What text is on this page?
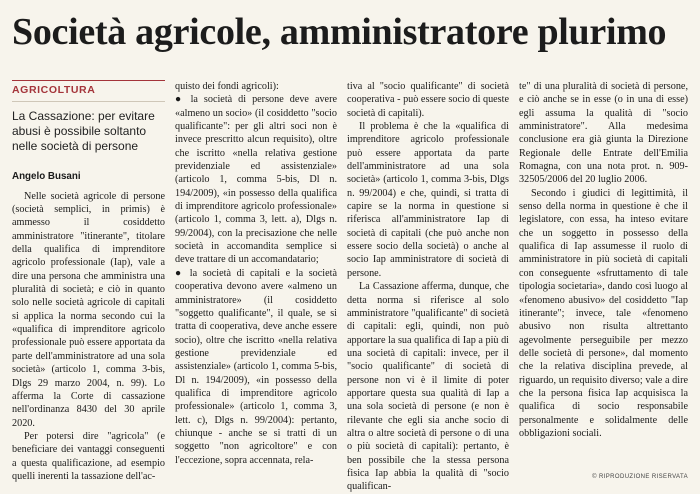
Società agricole, amministratore plurimo
AGRICOLTURA

La Cassazione: per evitare abusi è possibile soltanto nelle società di persone

Angelo Busani

Nelle società agricole di persone (società semplici, in primis) è ammesso il cosiddetto amministratore "itinerante", titolare della qualifica di imprenditore agricolo professionale (Iap), vale a dire una persona che amministra una pluralità di società; e ciò in quanto solo nelle società agricole di capitali si applica la norma secondo cui la «qualifica di imprenditore agricolo professionale può essere apportata da parte dell'amministratore ad una sola società» (articolo 1, comma 3-bis, Dlgs 29 marzo 2004, n. 99). Lo afferma la Corte di cassazione nell'ordinanza 8430 del 30 aprile 2020.

Per potersi dire "agricola" (e beneficiare dei vantaggi conseguenti a questa qualificazione, ad esempio quelli inerenti la tassazione dell'ac-

quisto dei fondi agricoli):

● la società di persone deve avere «almeno un socio» (il cosiddetto "socio qualificante": per gli altri soci non è invece prescritto alcun requisito), oltre che iscritto «nella relativa gestione previdenziale ed assistenziale» (articolo 1, comma 5-bis, Dl n. 194/2009), «in possesso della qualifica di imprenditore agricolo professionale» (articolo 1, comma 3, lett. a), Dlgs n. 99/2004), con la precisazione che nelle società in accomandita semplice si deve trattare di un accomandatario;

● la società di capitali e la società cooperativa devono avere «almeno un amministratore» (il cosiddetto "soggetto qualificante", il quale, se si tratta di cooperativa, deve anche essere socio), oltre che iscritto «nella relativa gestione previdenziale ed assistenziale» (articolo 1, comma 5-bis, Dl n. 194/2009), «in possesso della qualifica di imprenditore agricolo professionale» (articolo 1, comma 3, lett. c), Dlgs n. 99/2004): pertanto, chiunque - anche se si tratti di un soggetto "non agricoltore" e con l'eccezione, sopra accennata, rela-

tiva al "socio qualificante" di società cooperativa - può essere socio di queste società di capitali).

Il problema è che la «qualifica di imprenditore agricolo professionale può essere apportata da parte dell'amministratore ad una sola società» (articolo 1, comma 3-bis, Dlgs n. 99/2004) e che, quindi, si tratta di capire se la norma in questione si riferisca all'amministratore Iap di società di capitali (che può anche non essere socio della società) o anche al socio Iap amministratore di società di persone.

La Cassazione afferma, dunque, che detta norma si riferisce al solo amministratore "qualificante" di società di capitali: egli, quindi, non può apportare la sua qualifica di Iap a più di una società di capitali: invece, per il "socio qualificante" di società di persone non vi è il limite di poter apportare questa sua qualità di Iap a una sola società di persone (e non è rilevante che egli sia anche socio di altra o altre società di persone o di una o più società di capitali): pertanto, è ben possibile che la stessa persona fisica Iap abbia la qualità di "socio qualifican-

te" di una pluralità di società di persone, e ciò anche se in esse (o in una di esse) egli assuma la qualità di "socio amministratore". Alla medesima conclusione era già giunta la Direzione Regionale delle Entrate dell'Emilia Romagna, con una nota prot. n. 909-32505/2006 del 20 luglio 2006.

Secondo i giudici di legittimità, il senso della norma in questione è che il legislatore, con essa, ha inteso evitare che un soggetto in possesso della qualifica di Iap assumesse il ruolo di amministratore in più società di capitali con conseguente «sfruttamento di tale tipologia societaria», dando così luogo al «fenomeno abusivo» del cosiddetto "Iap itinerante"; invece, tale «fenomeno abusivo non risulta altrettanto agevolmente perseguibile per mezzo delle società di persone», dal momento che la relativa disciplina prevede, al riguardo, un requisito diverso; vale a dire che la persona fisica Iap acquisisca la qualifica di socio responsabile personalmente e solidalmente delle obbligazioni sociali.

© RIPRODUZIONE RISERVATA
